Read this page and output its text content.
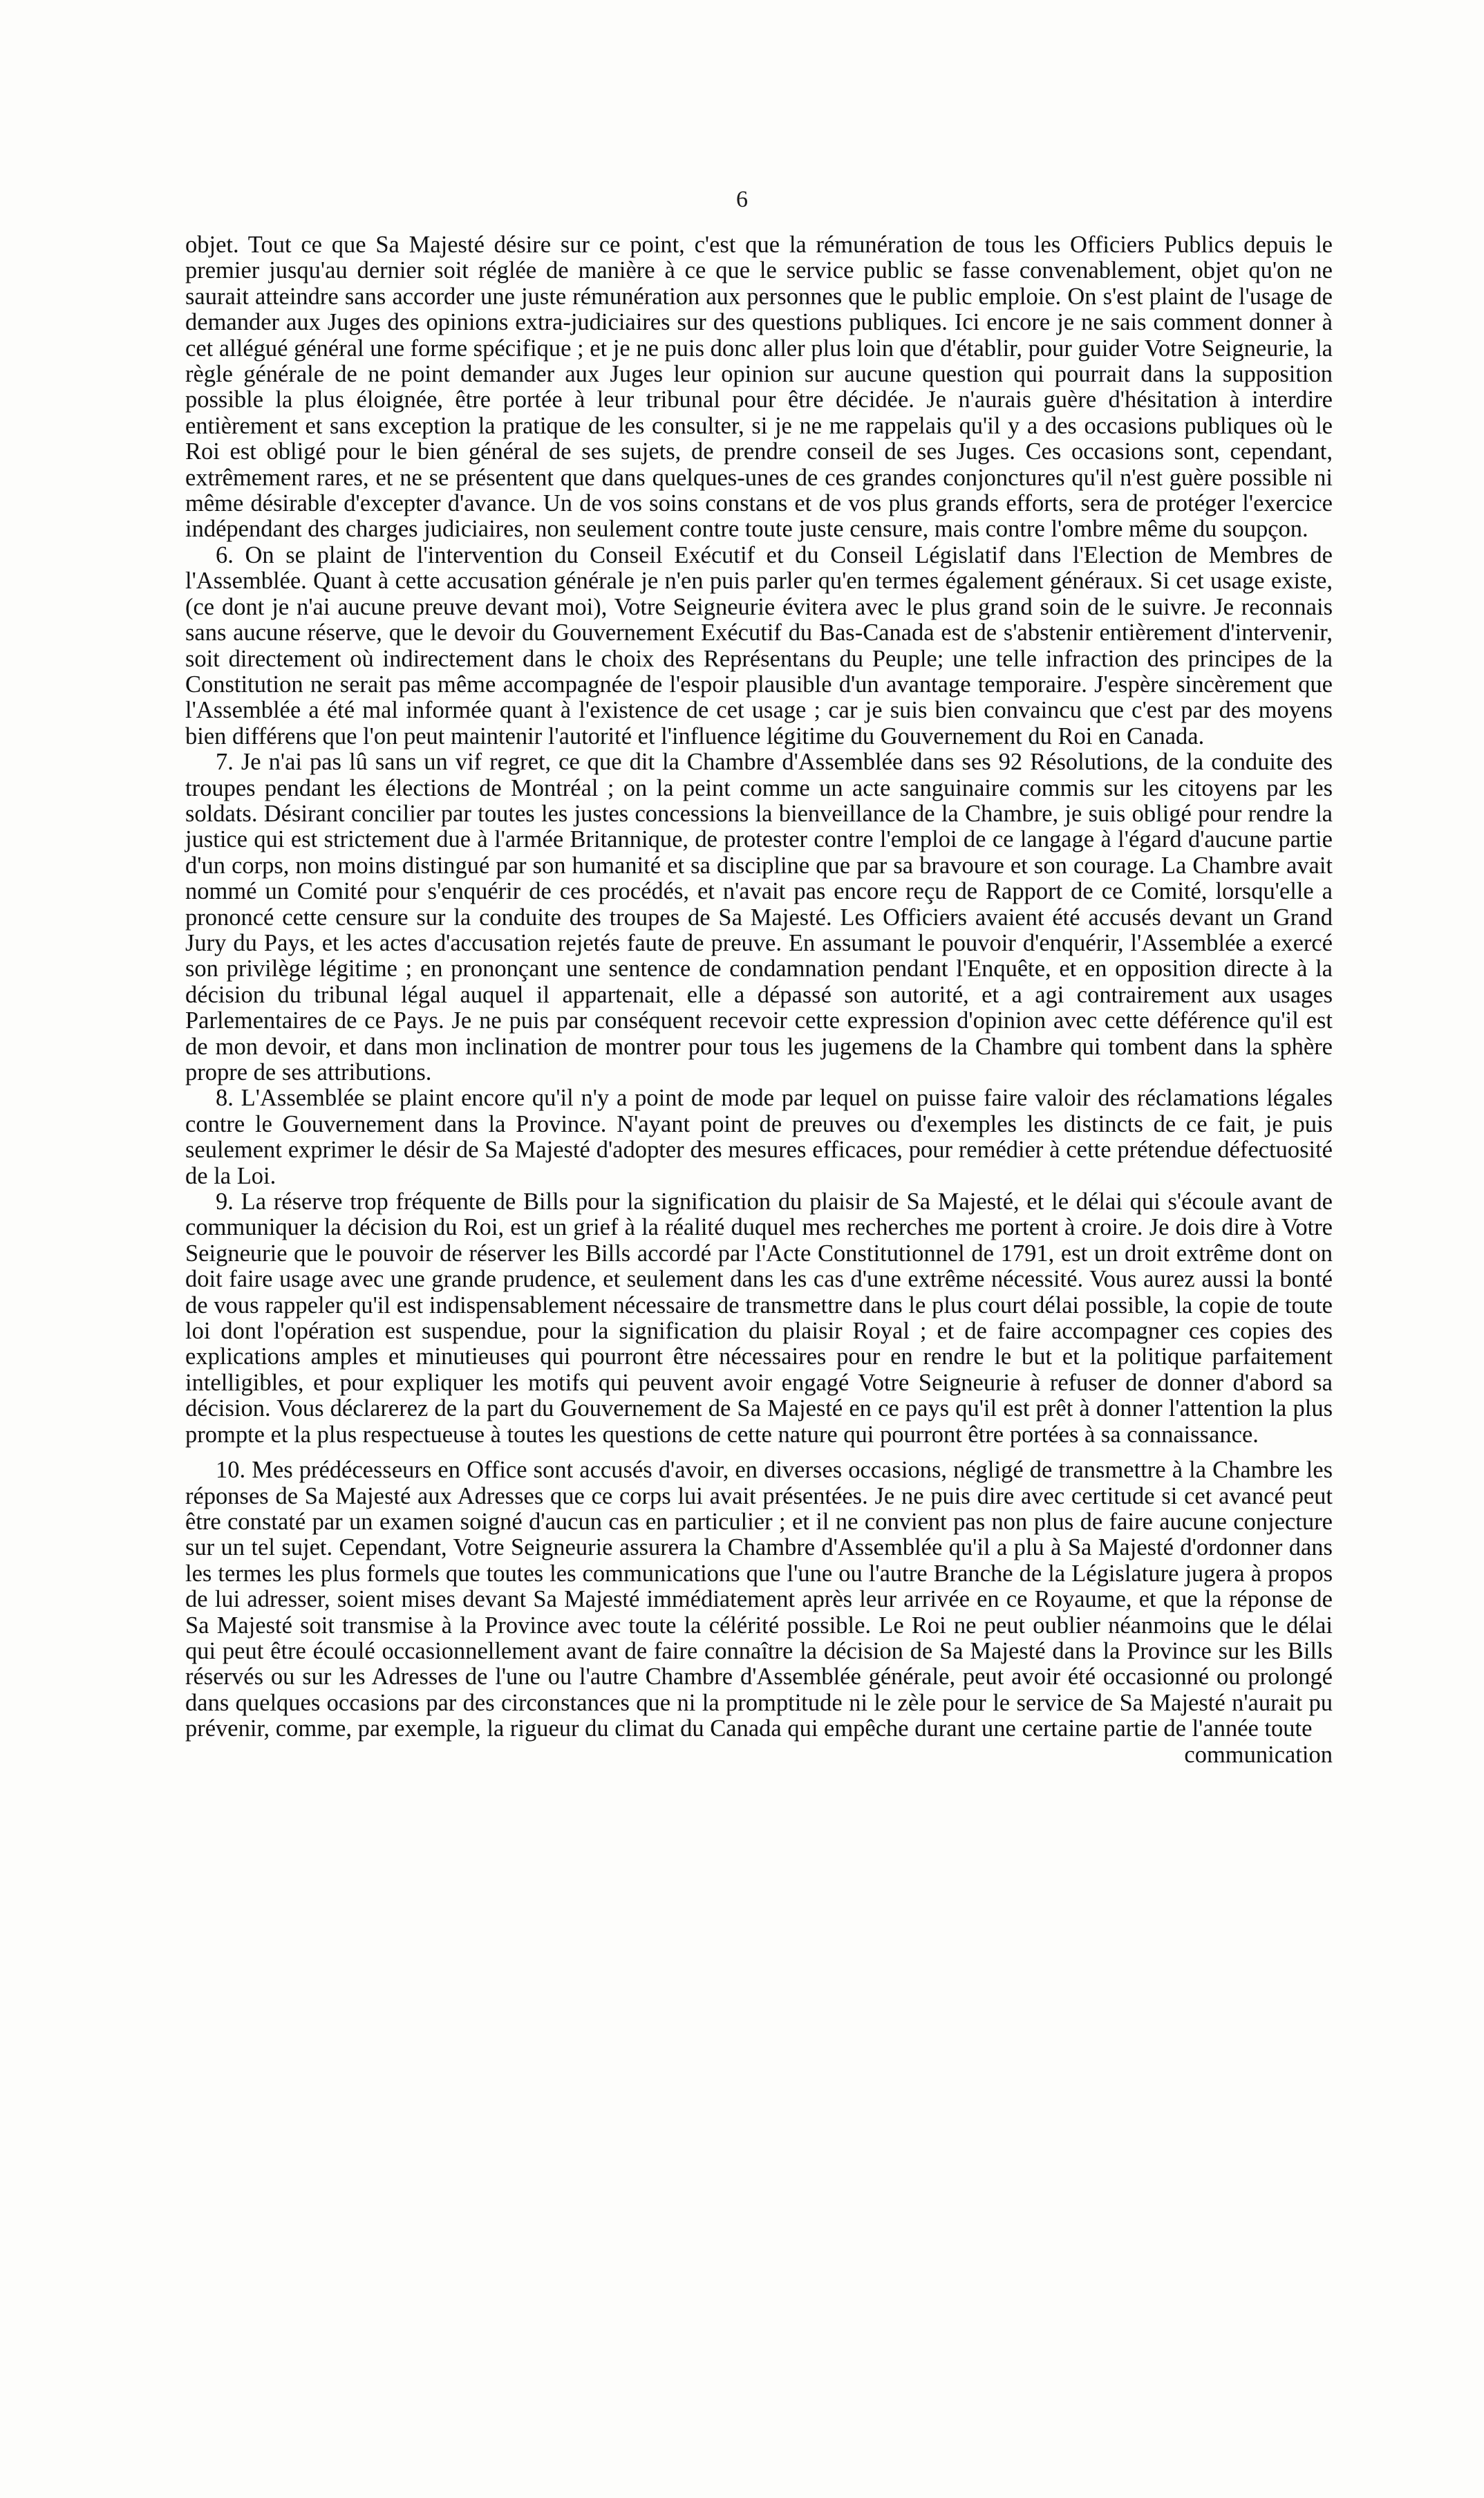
6

objet. Tout ce que Sa Majesté désire sur ce point, c'est que la rémunération de tous les Officiers Publics depuis le premier jusqu'au dernier soit réglée de manière à ce que le service public se fasse convenablement, objet qu'on ne saurait atteindre sans accorder une juste rémunération aux personnes que le public emploie. On s'est plaint de l'usage de demander aux Juges des opinions extra-judiciaires sur des questions publiques. Ici encore je ne sais comment donner à cet allégué général une forme spécifique ; et je ne puis donc aller plus loin que d'établir, pour guider Votre Seigneurie, la règle générale de ne point demander aux Juges leur opinion sur aucune question qui pourrait dans la supposition possible la plus éloignée, être portée à leur tribunal pour être décidée. Je n'aurais guère d'hésitation à interdire entièrement et sans exception la pratique de les consulter, si je ne me rappelais qu'il y a des occasions publiques où le Roi est obligé pour le bien général de ses sujets, de prendre conseil de ses Juges. Ces occasions sont, cependant, extrêmement rares, et ne se présentent que dans quelques-unes de ces grandes conjonctures qu'il n'est guère possible ni même désirable d'excepter d'avance. Un de vos soins constans et de vos plus grands efforts, sera de protéger l'exercice indépendant des charges judiciaires, non seulement contre toute juste censure, mais contre l'ombre même du soupçon.

6. On se plaint de l'intervention du Conseil Exécutif et du Conseil Législatif dans l'Election de Membres de l'Assemblée. Quant à cette accusation générale je n'en puis parler qu'en termes également généraux. Si cet usage existe, (ce dont je n'ai aucune preuve devant moi), Votre Seigneurie évitera avec le plus grand soin de le suivre. Je reconnais sans aucune réserve, que le devoir du Gouvernement Exécutif du Bas-Canada est de s'abstenir entièrement d'intervenir, soit directement où indirectement dans le choix des Représentans du Peuple; une telle infraction des principes de la Constitution ne serait pas même accompagnée de l'espoir plausible d'un avantage temporaire. J'espère sincèrement que l'Assemblée a été mal informée quant à l'existence de cet usage ; car je suis bien convaincu que c'est par des moyens bien différens que l'on peut maintenir l'autorité et l'influence légitime du Gouvernement du Roi en Canada.

7. Je n'ai pas lû sans un vif regret, ce que dit la Chambre d'Assemblée dans ses 92 Résolutions, de la conduite des troupes pendant les élections de Montréal ; on la peint comme un acte sanguinaire commis sur les citoyens par les soldats. Désirant concilier par toutes les justes concessions la bienveillance de la Chambre, je suis obligé pour rendre la justice qui est strictement due à l'armée Britannique, de protester contre l'emploi de ce langage à l'égard d'aucune partie d'un corps, non moins distingué par son humanité et sa discipline que par sa bravoure et son courage. La Chambre avait nommé un Comité pour s'enquérir de ces procédés, et n'avait pas encore reçu de Rapport de ce Comité, lorsqu'elle a prononcé cette censure sur la conduite des troupes de Sa Majesté. Les Officiers avaient été accusés devant un Grand Jury du Pays, et les actes d'accusation rejetés faute de preuve. En assumant le pouvoir d'enquérir, l'Assemblée a exercé son privilège légitime ; en prononçant une sentence de condamnation pendant l'Enquête, et en opposition directe à la décision du tribunal légal auquel il appartenait, elle a dépassé son autorité, et a agi contrairement aux usages Parlementaires de ce Pays. Je ne puis par conséquent recevoir cette expression d'opinion avec cette déférence qu'il est de mon devoir, et dans mon inclination de montrer pour tous les jugemens de la Chambre qui tombent dans la sphère propre de ses attributions.

8. L'Assemblée se plaint encore qu'il n'y a point de mode par lequel on puisse faire valoir des réclamations légales contre le Gouvernement dans la Province. N'ayant point de preuves ou d'exemples les distincts de ce fait, je puis seulement exprimer le désir de Sa Majesté d'adopter des mesures efficaces, pour remédier à cette prétendue défectuosité de la Loi.

9. La réserve trop fréquente de Bills pour la signification du plaisir de Sa Majesté, et le délai qui s'écoule avant de communiquer la décision du Roi, est un grief à la réalité duquel mes recherches me portent à croire. Je dois dire à Votre Seigneurie que le pouvoir de réserver les Bills accordé par l'Acte Constitutionnel de 1791, est un droit extrême dont on doit faire usage avec une grande prudence, et seulement dans les cas d'une extrême nécessité. Vous aurez aussi la bonté de vous rappeler qu'il est indispensablement nécessaire de transmettre dans le plus court délai possible, la copie de toute loi dont l'opération est suspendue, pour la signification du plaisir Royal ; et de faire accompagner ces copies des explications amples et minutieuses qui pourront être nécessaires pour en rendre le but et la politique parfaitement intelligibles, et pour expliquer les motifs qui peuvent avoir engagé Votre Seigneurie à refuser de donner d'abord sa décision. Vous déclarerez de la part du Gouvernement de Sa Majesté en ce pays qu'il est prêt à donner l'attention la plus prompte et la plus respectueuse à toutes les questions de cette nature qui pourront être portées à sa connaissance.

10. Mes prédécesseurs en Office sont accusés d'avoir, en diverses occasions, négligé de transmettre à la Chambre les réponses de Sa Majesté aux Adresses que ce corps lui avait présentées. Je ne puis dire avec certitude si cet avancé peut être constaté par un examen soigné d'aucun cas en particulier ; et il ne convient pas non plus de faire aucune conjecture sur un tel sujet. Cependant, Votre Seigneurie assurera la Chambre d'Assemblée qu'il a plu à Sa Majesté d'ordonner dans les termes les plus formels que toutes les communications que l'une ou l'autre Branche de la Législature jugera à propos de lui adresser, soient mises devant Sa Majesté immédiatement après leur arrivée en ce Royaume, et que la réponse de Sa Majesté soit transmise à la Province avec toute la célérité possible. Le Roi ne peut oublier néanmoins que le délai qui peut être écoulé occasionnellement avant de faire connaître la décision de Sa Majesté dans la Province sur les Bills réservés ou sur les Adresses de l'une ou l'autre Chambre d'Assemblée générale, peut avoir été occasionné ou prolongé dans quelques occasions par des circonstances que ni la promptitude ni le zèle pour le service de Sa Majesté n'aurait pu prévenir, comme, par exemple, la rigueur du climat du Canada qui empêche durant une certaine partie de l'année toute

communication
